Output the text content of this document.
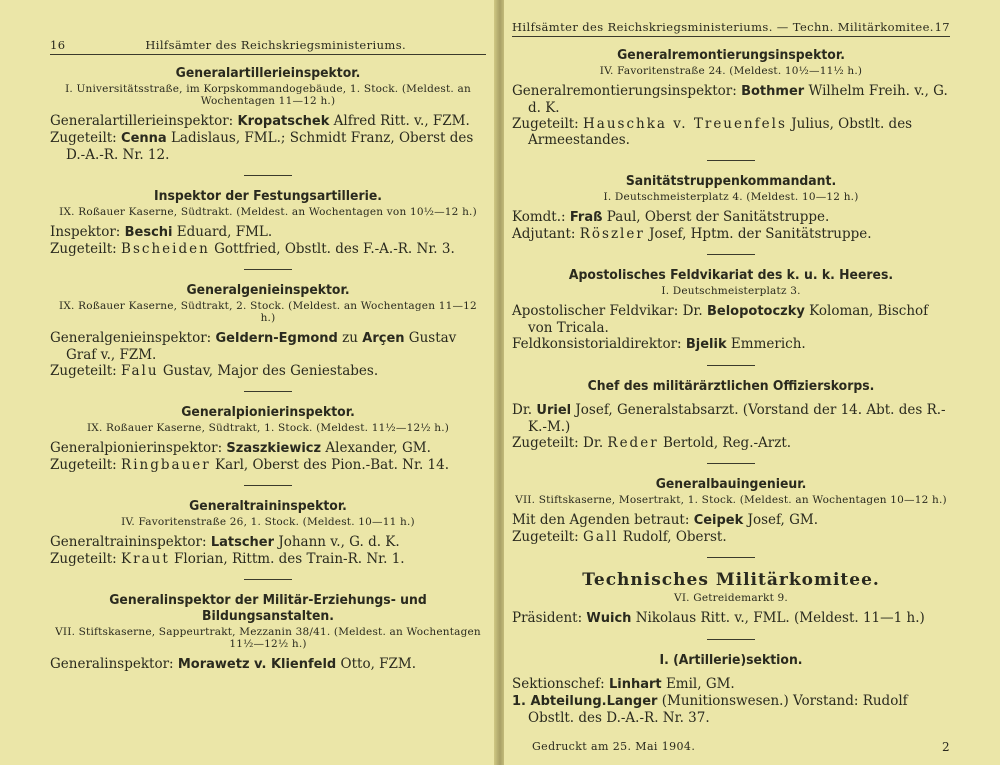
16	Hilfsämter des Reichskriegsministeriums.
Generalartillerieinspektor.
I. Universitätsstraße, im Korpskommandogebäude, 1. Stock. (Meldest. an Wochentagen 11—12 h.)

Generalartillerieinspektor: Kropatschek Alfred Ritt. v., FZM.

Zugeteilt: Cenna Ladislaus, FML.; Schmidt Franz, Oberst des D.-A.-R. Nr. 12.

Inspektor der Festungsartillerie.
IX. Roßauer Kaserne, Südtrakt. (Meldest. an Wochentagen von 10½—12 h.)

Inspektor: Beschi Eduard, FML.

Zugeteilt: Bscheiden Gottfried, Obstlt. des F.-A.-R. Nr. 3.

Generalgenieinspektor.
IX. Roßauer Kaserne, Südtrakt, 2. Stock. (Meldest. an Wochentagen 11—12 h.)

Generalgenieinspektor: Geldern-Egmond zu Arçen Gustav Graf v., FZM.

Zugeteilt: Falu Gustav, Major des Geniestabes.

Generalpionierinspektor.
IX. Roßauer Kaserne, Südtrakt, 1. Stock. (Meldest. 11½—12½ h.)

Generalpionierinspektor: Szaszkiewicz Alexander, GM.

Zugeteilt: Ringbauer Karl, Oberst des Pion.-Bat. Nr. 14.

Generaltraininspektor.
IV. Favoritenstraße 26, 1. Stock. (Meldest. 10—11 h.)

Generaltraininspektor: Latscher Johann v., G. d. K.

Zugeteilt: Kraut Florian, Rittm. des Train-R. Nr. 1.

Generalinspektor der Militär-Erziehungs- und Bildungsanstalten.
VII. Stiftskaserne, Sappeurtrakt, Mezzanin 38/41. (Meldest. an Wochentagen 11½—12½ h.)

Generalinspektor: Morawetz v. Klienfeld Otto, FZM.

Hilfsämter des Reichskriegsministeriums. — Techn. Militärkomitee. 17
Generalremontierungsinspektor.
IV. Favoritenstraße 24. (Meldest. 10½—11½ h.)

Generalremontierungsinspektor: Bothmer Wilhelm Freih. v., G. d. K.

Zugeteilt: Hauschka v. Treuenfels Julius, Obstlt. des Armeestandes.

Sanitätstruppenkommandant.
I. Deutschmeisterplatz 4. (Meldest. 10—12 h.)

Komdt.: Fraß Paul, Oberst der Sanitätstruppe.

Adjutant: Röszler Josef, Hptm. der Sanitätstruppe.

Apostolisches Feldvikariat des k. u. k. Heeres.
I. Deutschmeisterplatz 3.

Apostolischer Feldvikar: Dr. Belopotoczky Koloman, Bischof von Tricala.

Feldkonsistorialdirektor: Bjelik Emmerich.

Chef des militärärztlichen Offizierskorps.

Dr. Uriel Josef, Generalstabsarzt. (Vorstand der 14. Abt. des R.-K.-M.)

Zugeteilt: Dr. Reder Bertold, Reg.-Arzt.

Generalbauingenieur.
VII. Stiftskaserne, Mosertrakt, 1. Stock. (Meldest. an Wochentagen 10—12 h.)

Mit den Agenden betraut: Ceipek Josef, GM.

Zugeteilt: Gall Rudolf, Oberst.

Technisches Militärkomitee.
VI. Getreidemarkt 9.

Präsident: Wuich Nikolaus Ritt. v., FML. (Meldest. 11—1 h.)

I. (Artillerie)sektion.

Sektionschef: Linhart Emil, GM.

1. Abteilung.Langer (Munitionswesen.) Vorstand: Rudolf Obstlt. des D.-A.-R. Nr. 37.

Gedruckt am 25. Mai 1904.	2
